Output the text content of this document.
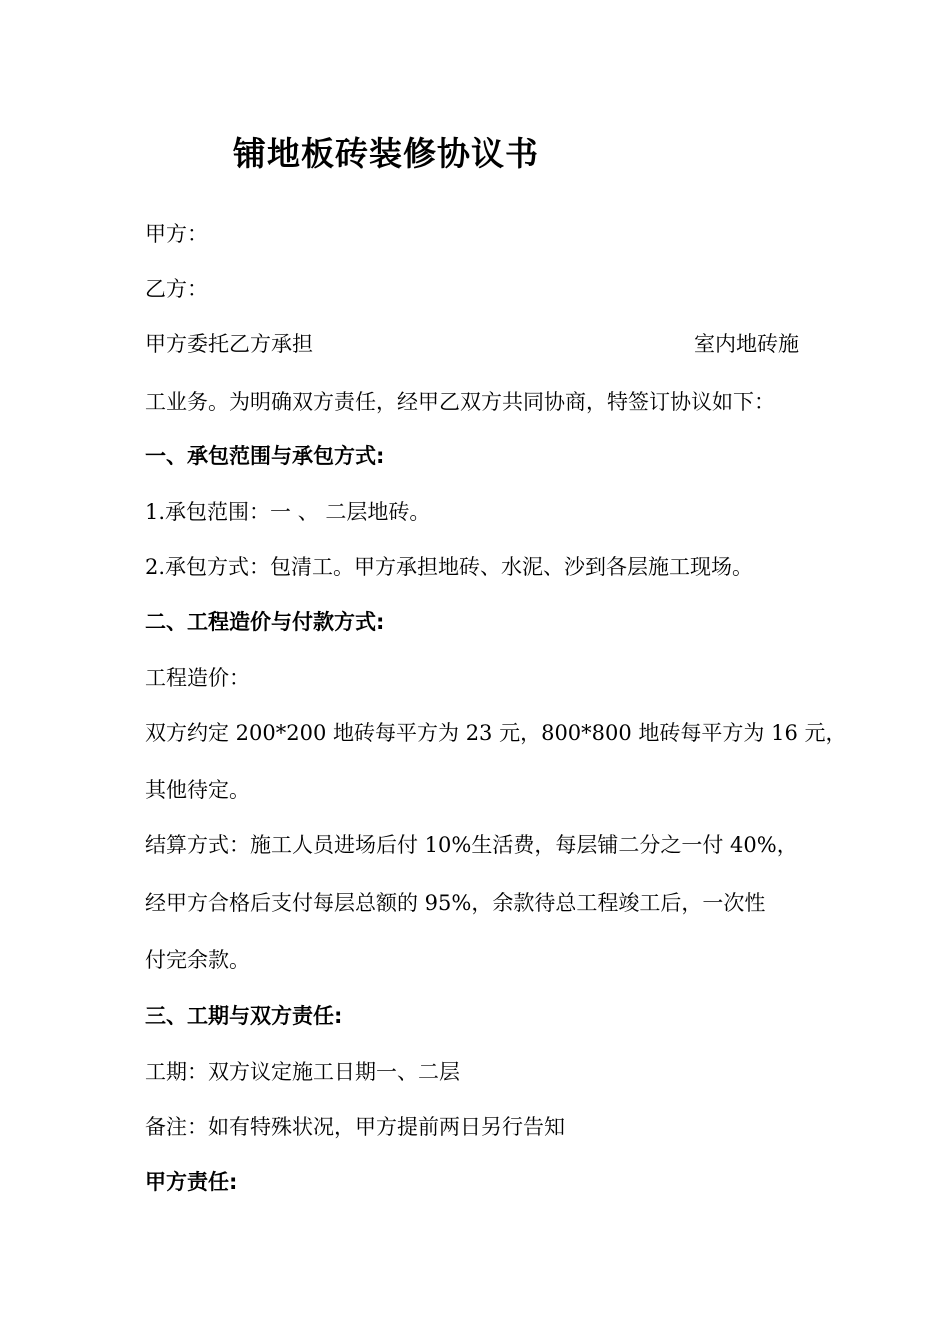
铺地板砖装修协议书
甲方：
乙方：
甲方委托乙方承担	室内地砖施
工业务。为明确双方责任，经甲乙双方共同协商，特签订协议如下：
一、承包范围与承包方式:
1.承包范围：一 、 二层地砖。
2.承包方式：包清工。甲方承担地砖、水泥、沙到各层施工现场。
二、工程造价与付款方式:
工程造价：
双方约定 200*200 地砖每平方为 23 元，800*800 地砖每平方为 16 元，
其他待定。
结算方式：施工人员进场后付 10%生活费，每层铺二分之一付 40%，
经甲方合格后支付每层总额的 95%，余款待总工程竣工后，一次性
付完余款。
三、工期与双方责任:
工期：双方议定施工日期一、二层
备注：如有特殊状况，甲方提前两日另行告知
甲方责任:
